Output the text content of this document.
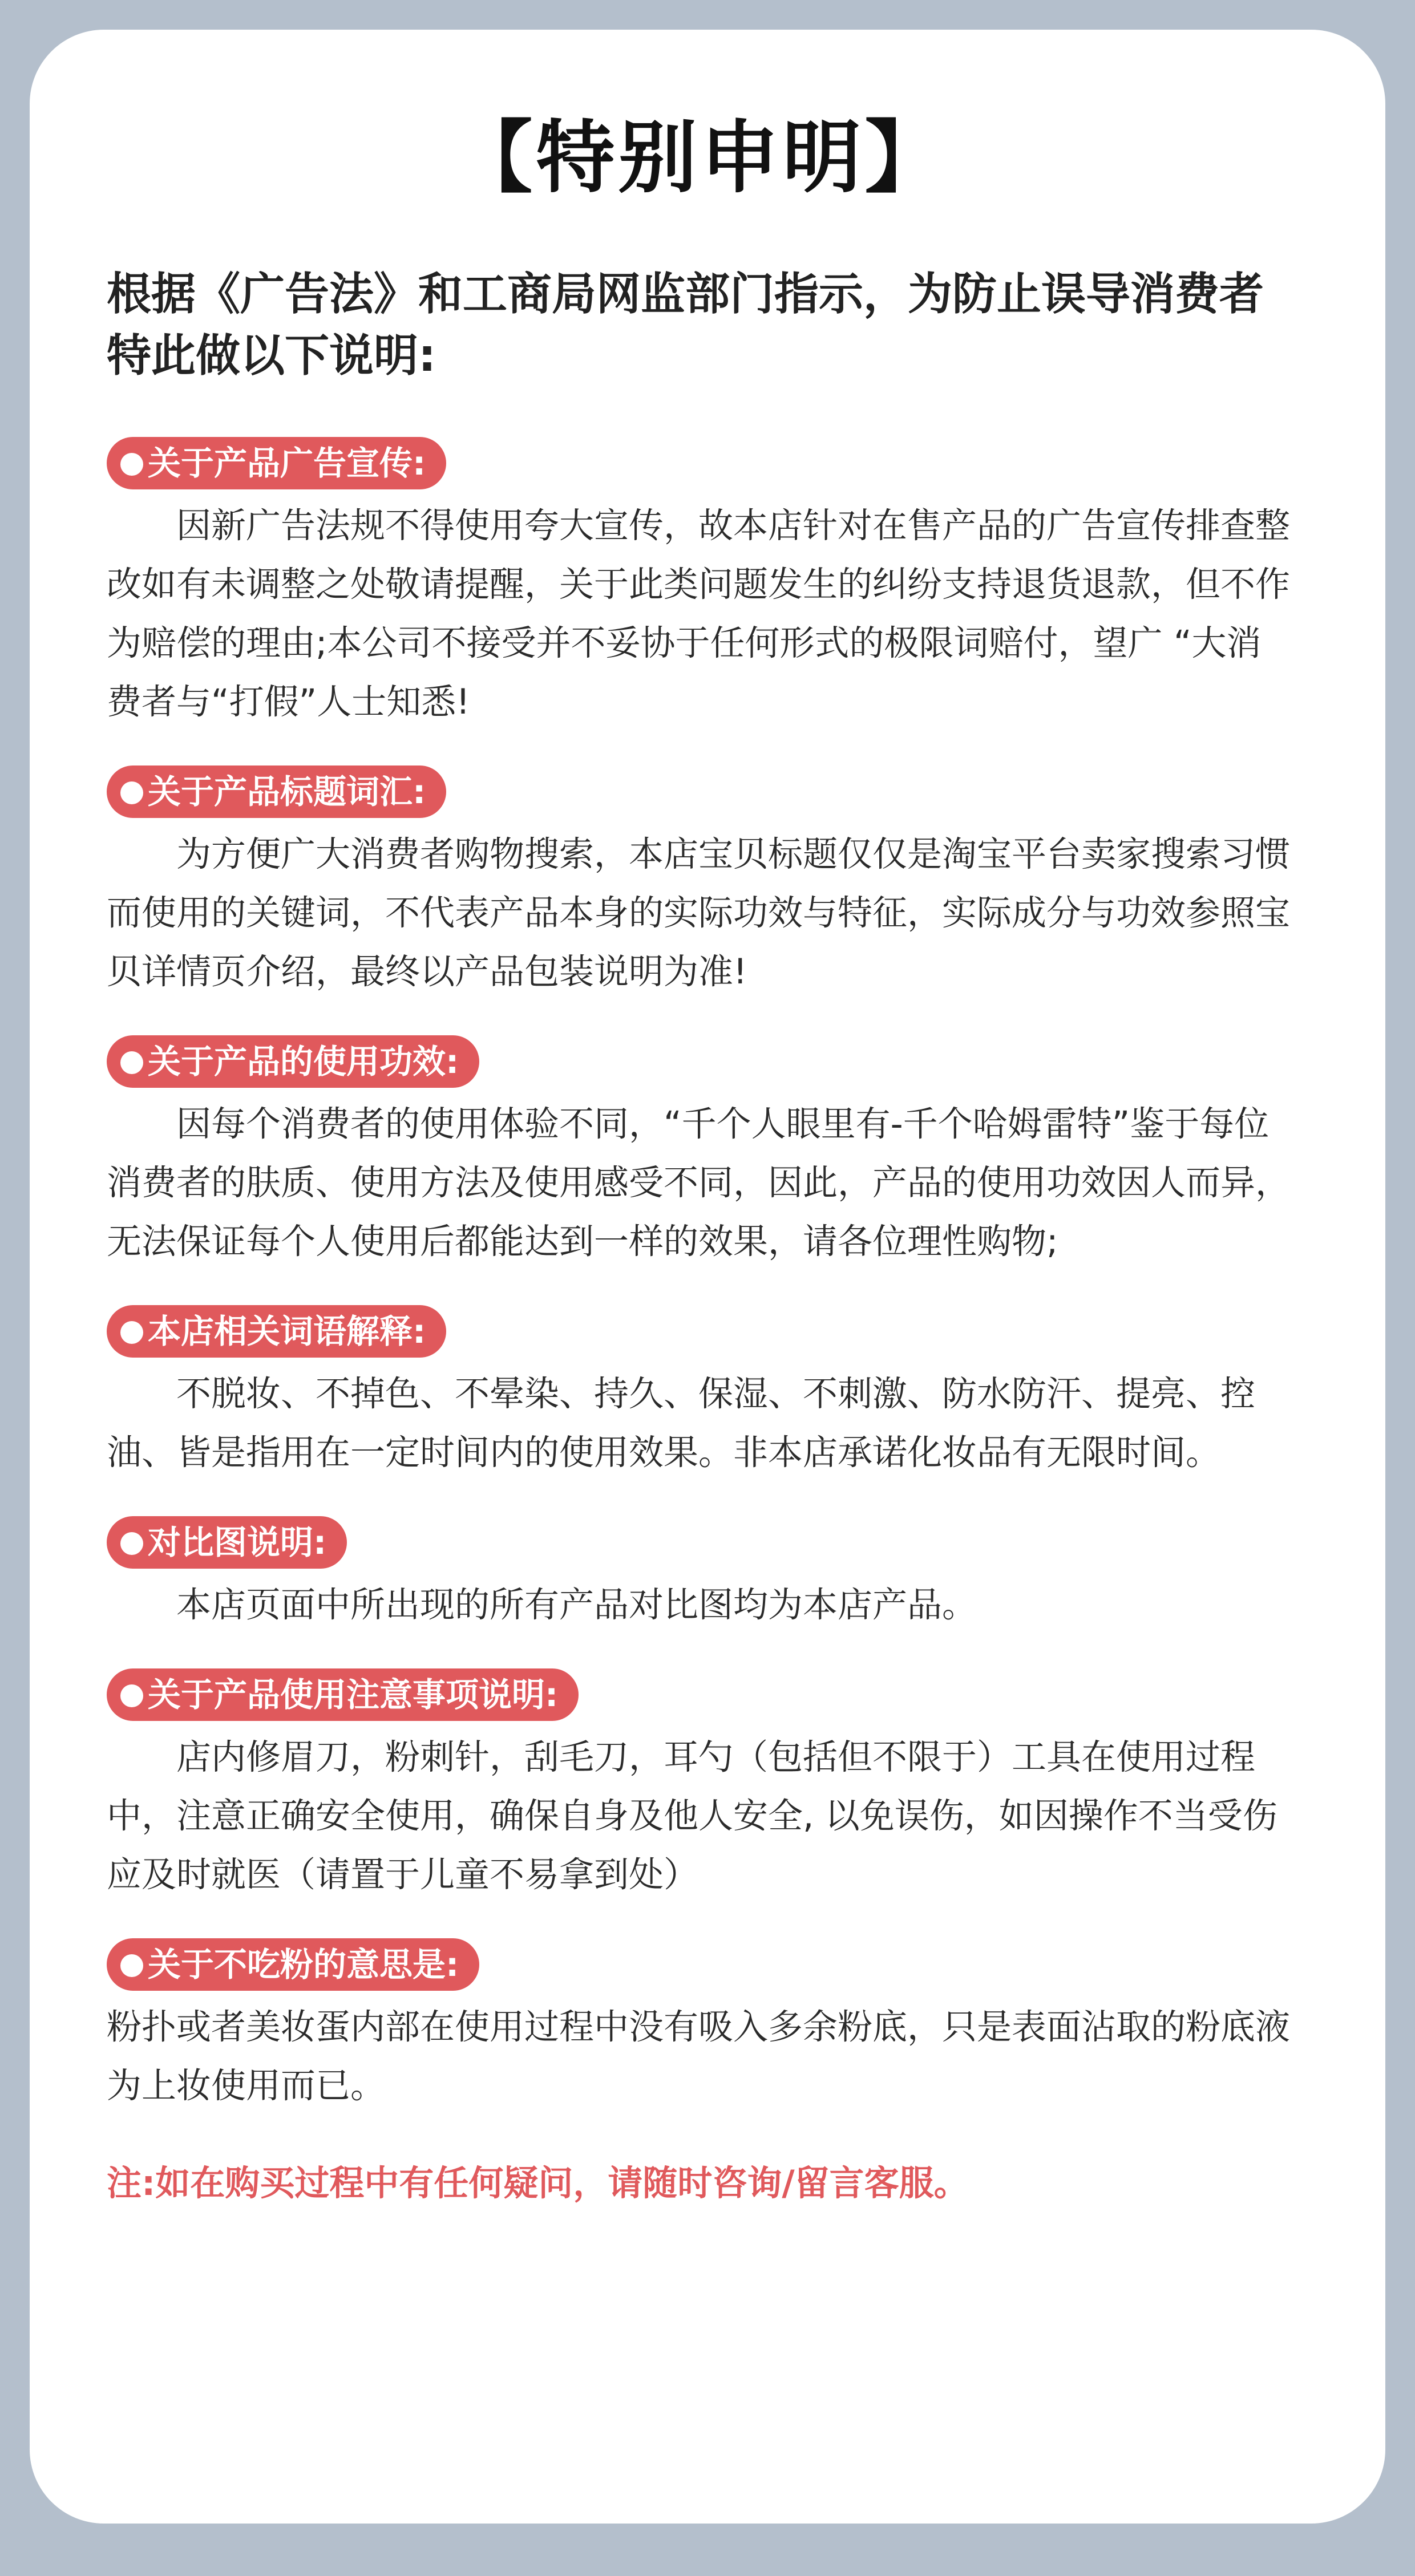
【特别申明】
根据《广告法》和工商局网监部门指示，为防止误导消费者特此做以下说明:
关于产品广告宣传:

因新广告法规不得使用夸大宣传，故本店针对在售产品的广告宣传排查整改如有未调整之处敬请提醒，关于此类问题发生的纠纷支持退货退款，但不作为赔偿的理由;本公司不接受并不妥协于任何形式的极限词赔付，望广 “大消费者与“打假”人士知悉!

关于产品标题词汇:

为方便广大消费者购物搜索，本店宝贝标题仅仅是淘宝平台卖家搜索习惯而使用的关键词，不代表产品本身的实际功效与特征，实际成分与功效参照宝贝详情页介绍，最终以产品包装说明为准!

关于产品的使用功效:

因每个消费者的使用体验不同，“千个人眼里有-千个哈姆雷特”鉴于每位消费者的肤质、使用方法及使用感受不同，因此，产品的使用功效因人而异，无法保证每个人使用后都能达到一样的效果，请各位理性购物;

本店相关词语解释:

不脱妆、不掉色、不晕染、持久、保湿、不刺激、防水防汗、提亮、控油、皆是指用在一定时间内的使用效果。非本店承诺化妆品有无限时间。

对比图说明:

本店页面中所出现的所有产品对比图均为本店产品。

关于产品使用注意事项说明:

店内修眉刀，粉刺针，刮毛刀，耳勺（包括但不限于）工具在使用过程中，注意正确安全使用，确保自身及他人安全, 以免误伤，如因操作不当受伤应及时就医（请置于儿童不易拿到处）

关于不吃粉的意思是:

粉扑或者美妆蛋内部在使用过程中没有吸入多余粉底，只是表面沾取的粉底液为上妆使用而已。

注:如在购买过程中有任何疑问，请随时咨询/留言客服。
